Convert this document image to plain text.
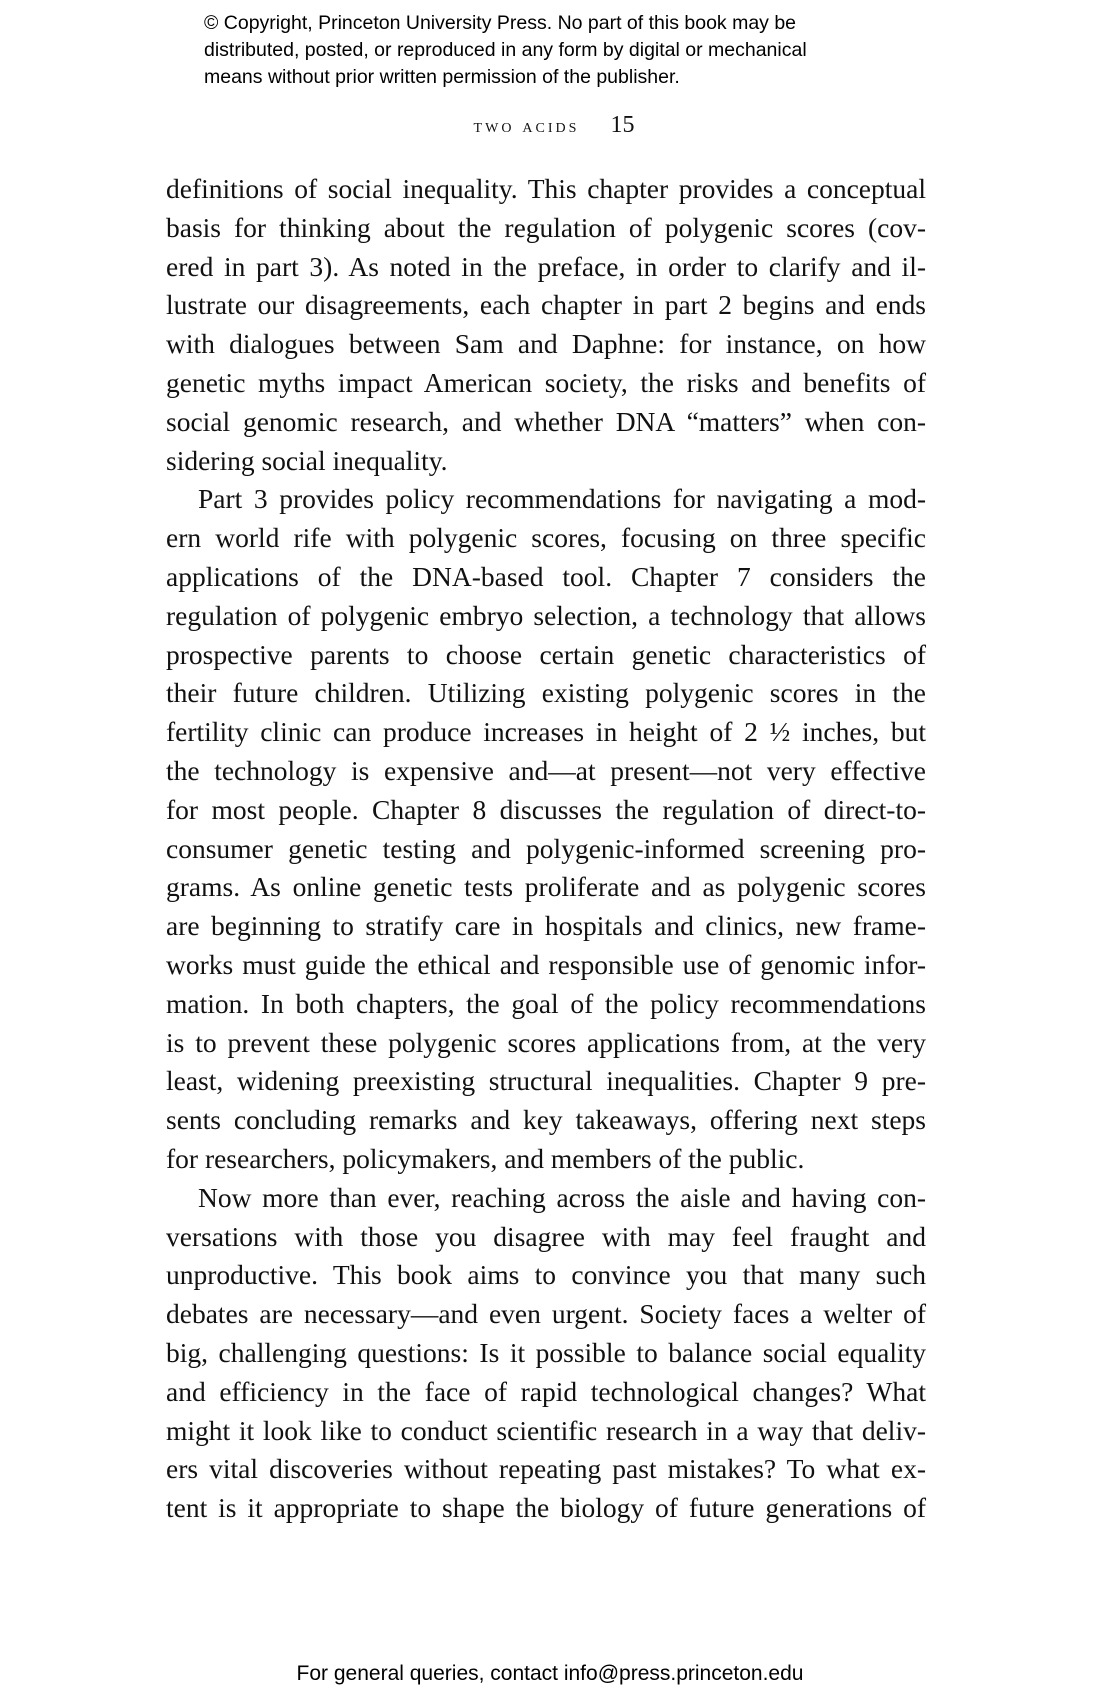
© Copyright, Princeton University Press. No part of this book may be
distributed, posted, or reproduced in any form by digital or mechanical
means without prior written permission of the publisher.
two acids 15
definitions of social inequality. This chapter provides a conceptual
basis for thinking about the regulation of polygenic scores (cov-
ered in part 3). As noted in the preface, in order to clarify and il-
lustrate our disagreements, each chapter in part 2 begins and ends
with dialogues between Sam and Daphne: for instance, on how
genetic myths impact American society, the risks and benefits of
social genomic research, and whether DNA “matters” when con-
sidering social inequality.
Part 3 provides policy recommendations for navigating a mod-
ern world rife with polygenic scores, focusing on three specific
applications of the DNA-based tool. Chapter 7 considers the
regulation of polygenic embryo selection, a technology that allows
prospective parents to choose certain genetic characteristics of
their future children. Utilizing existing polygenic scores in the
fertility clinic can produce increases in height of 2 ½ inches, but
the technology is expensive and—at present—not very effective
for most people. Chapter 8 discusses the regulation of direct-to-
consumer genetic testing and polygenic-informed screening pro-
grams. As online genetic tests proliferate and as polygenic scores
are beginning to stratify care in hospitals and clinics, new frame-
works must guide the ethical and responsible use of genomic infor-
mation. In both chapters, the goal of the policy recommendations
is to prevent these polygenic scores applications from, at the very
least, widening preexisting structural inequalities. Chapter 9 pre-
sents concluding remarks and key takeaways, offering next steps
for researchers, policymakers, and members of the public.
Now more than ever, reaching across the aisle and having con-
versations with those you disagree with may feel fraught and
unproductive. This book aims to convince you that many such
debates are necessary—and even urgent. Society faces a welter of
big, challenging questions: Is it possible to balance social equality
and efficiency in the face of rapid technological changes? What
might it look like to conduct scientific research in a way that deliv-
ers vital discoveries without repeating past mistakes? To what ex-
tent is it appropriate to shape the biology of future generations of
For general queries, contact info@press.princeton.edu
